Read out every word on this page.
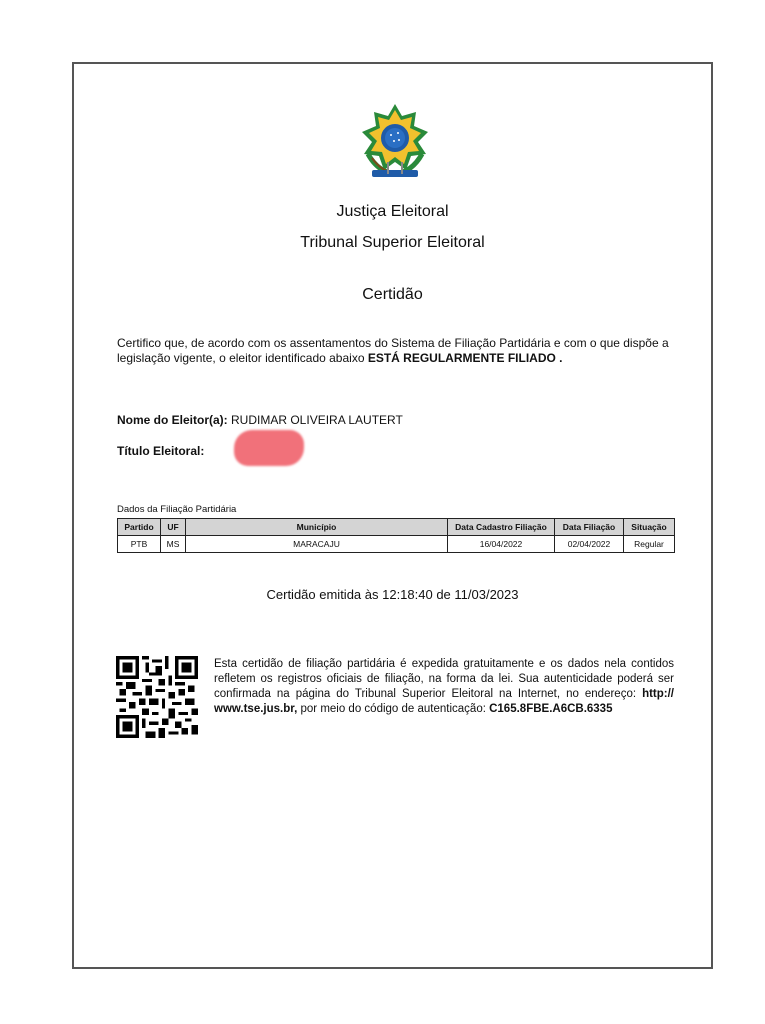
Justiça Eleitoral
Tribunal Superior Eleitoral
Certidão
Certifico que, de acordo com os assentamentos do Sistema de Filiação Partidária e com o que dispõe a legislação vigente, o eleitor identificado abaixo ESTÁ REGULARMENTE FILIADO .
Nome do Eleitor(a): RUDIMAR OLIVEIRA LAUTERT
Título Eleitoral:
Dados da Filiação Partidária
Partido	UF	Município	Data Cadastro Filiação	Data Filiação	Situação
PTB	MS	MARACAJU	16/04/2022	02/04/2022	Regular
Certidão emitida às 12:18:40 de 11/03/2023
Esta certidão de filiação partidária é expedida gratuitamente e os dados nela contidos refletem os registros oficiais de filiação, na forma da lei. Sua autenticidade poderá ser confirmada na página do Tribunal Superior Eleitoral na Internet, no endereço: http:// www.tse.jus.br, por meio do código de autenticação: C165.8FBE.A6CB.6335
